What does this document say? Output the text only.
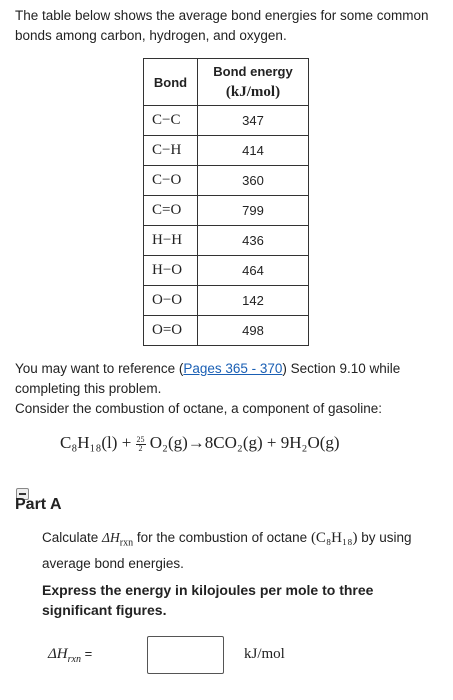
The table below shows the average bond energies for some common bonds among carbon, hydrogen, and oxygen.
Bond	Bond energy
(kJ/mol)
C−C	347
C−H	414
C−O	360
C=O	799
H−H	436
H−O	464
O−O	142
O=O	498
You may want to reference (Pages 365 - 370) Section 9.10 while completing this problem.
Consider the combustion of octane, a component of gasoline:
$C_8H_{18}(l) + \frac{25}{2} O_2(g)\to 8CO_2(g) + 9H_2O(g)$
Part A
Calculate $\Delta H_{rxn}$ for the combustion of octane (C₈H₁₈) by using average bond energies.
Express the energy in kilojoules per mole to three significant figures.
$\Delta H_{rxn}$ =	kJ/mol
